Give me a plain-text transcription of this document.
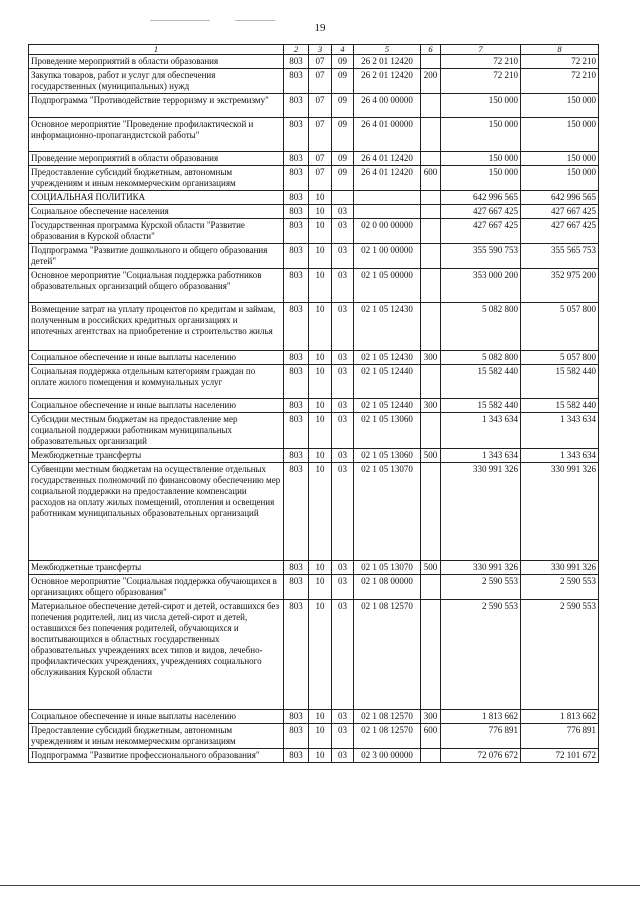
19
1	2	3	4	5	6	7	8
Проведение мероприятий в области образования	803	07	09	26 2 01 12420		72 210	72 210
Закупка товаров, работ и услуг для обеспечения государственных (муниципальных) нужд	803	07	09	26 2 01 12420	200	72 210	72 210
Подпрограмма "Противодействие терроризму и экстремизму"	803	07	09	26 4 00 00000		150 000	150 000
Основное мероприятие "Проведение профилактической и информационно-пропагандистской работы"	803	07	09	26 4 01 00000		150 000	150 000
Проведение мероприятий в области образования	803	07	09	26 4 01 12420		150 000	150 000
Предоставление субсидий бюджетным, автономным учреждениям и иным некоммерческим организациям	803	07	09	26 4 01 12420	600	150 000	150 000
СОЦИАЛЬНАЯ ПОЛИТИКА	803	10				642 996 565	642 996 565
Социальное обеспечение населения	803	10	03			427 667 425	427 667 425
Государственная программа Курской области "Развитие образования в Курской области"	803	10	03	02 0 00 00000		427 667 425	427 667 425
Подпрограмма "Развитие дошкольного и общего образования детей"	803	10	03	02 1 00 00000		355 590 753	355 565 753
Основное мероприятие "Социальная поддержка работников образовательных организаций общего образования"	803	10	03	02 1 05 00000		353 000 200	352 975 200
Возмещение затрат на уплату процентов по кредитам и займам, полученным в российских кредитных организациях и ипотечных агентствах на приобретение и строительство жилья	803	10	03	02 1 05 12430		5 082 800	5 057 800
Социальное обеспечение и иные выплаты населению	803	10	03	02 1 05 12430	300	5 082 800	5 057 800
Социальная поддержка отдельным категориям граждан по оплате жилого помещения и коммунальных услуг	803	10	03	02 1 05 12440		15 582 440	15 582 440
Социальное обеспечение и иные выплаты населению	803	10	03	02 1 05 12440	300	15 582 440	15 582 440
Субсидии местным бюджетам на предоставление мер социальной поддержки работникам муниципальных образовательных организаций	803	10	03	02 1 05 13060		1 343 634	1 343 634
Межбюджетные трансферты	803	10	03	02 1 05 13060	500	1 343 634	1 343 634
Субвенции местным бюджетам на осуществление отдельных государственных полномочий по финансовому обеспечению мер социальной поддержки на предоставление компенсации расходов на оплату жилых помещений, отопления и освещения работникам муниципальных образовательных организаций	803	10	03	02 1 05 13070		330 991 326	330 991 326
Межбюджетные трансферты	803	10	03	02 1 05 13070	500	330 991 326	330 991 326
Основное мероприятие "Социальная поддержка обучающихся в организациях общего образования"	803	10	03	02 1 08 00000		2 590 553	2 590 553
Материальное обеспечение детей-сирот и детей, оставшихся без попечения родителей, лиц из числа детей-сирот и детей, оставшихся без попечения родителей, обучающихся и воспитывающихся в областных государственных образовательных учреждениях всех типов и видов, лечебно-профилактических учреждениях, учреждениях социального обслуживания Курской области	803	10	03	02 1 08 12570		2 590 553	2 590 553
Социальное обеспечение и иные выплаты населению	803	10	03	02 1 08 12570	300	1 813 662	1 813 662
Предоставление субсидий бюджетным, автономным учреждениям и иным некоммерческим организациям	803	10	03	02 1 08 12570	600	776 891	776 891
Подпрограмма "Развитие профессионального образования"	803	10	03	02 3 00 00000		72 076 672	72 101 672
